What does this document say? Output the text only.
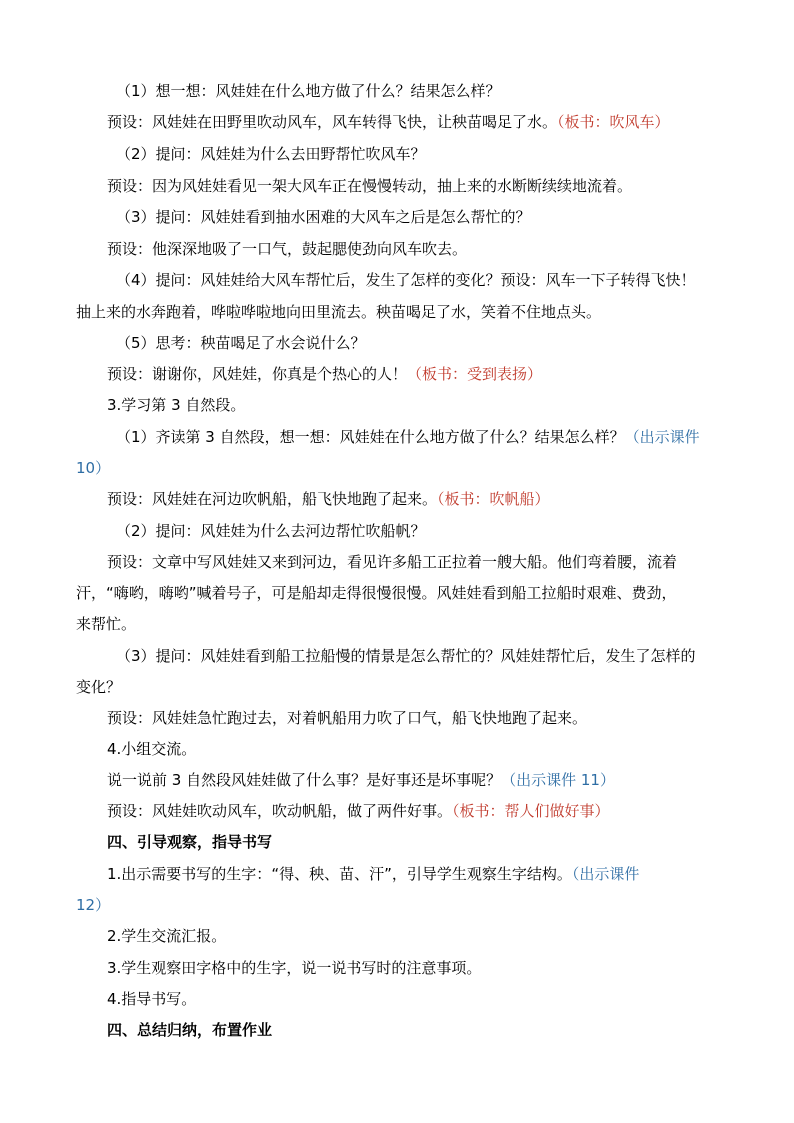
（1）想一想：风娃娃在什么地方做了什么？结果怎么样？
预设：风娃娃在田野里吹动风车，风车转得飞快，让秧苗喝足了水。（板书：吹风车）
（2）提问：风娃娃为什么去田野帮忙吹风车？
预设：因为风娃娃看见一架大风车正在慢慢转动，抽上来的水断断续续地流着。
（3）提问：风娃娃看到抽水困难的大风车之后是怎么帮忙的？
预设：他深深地吸了一口气，鼓起腮使劲向风车吹去。
（4）提问：风娃娃给大风车帮忙后，发生了怎样的变化？预设：风车一下子转得飞快！
抽上来的水奔跑着，哗啦哗啦地向田里流去。秧苗喝足了水，笑着不住地点头。
（5）思考：秧苗喝足了水会说什么？
预设：谢谢你，风娃娃，你真是个热心的人！（板书：受到表扬）
3.学习第 3 自然段。
（1）齐读第 3 自然段，想一想：风娃娃在什么地方做了什么？结果怎么样？（出示课件
10）
预设：风娃娃在河边吹帆船，船飞快地跑了起来。（板书：吹帆船）
（2）提问：风娃娃为什么去河边帮忙吹船帆？
预设：文章中写风娃娃又来到河边，看见许多船工正拉着一艘大船。他们弯着腰，流着
汗，“嗨哟，嗨哟”喊着号子，可是船却走得很慢很慢。风娃娃看到船工拉船时艰难、费劲，
来帮忙。
（3）提问：风娃娃看到船工拉船慢的情景是怎么帮忙的？风娃娃帮忙后，发生了怎样的
变化？
预设：风娃娃急忙跑过去，对着帆船用力吹了口气，船飞快地跑了起来。
4.小组交流。
说一说前 3 自然段风娃娃做了什么事？是好事还是坏事呢？（出示课件 11）
预设：风娃娃吹动风车，吹动帆船，做了两件好事。（板书：帮人们做好事）
四、引导观察，指导书写
1.出示需要书写的生字：“得、秧、苗、汗”，引导学生观察生字结构。（出示课件
12）
2.学生交流汇报。
3.学生观察田字格中的生字，说一说书写时的注意事项。
4.指导书写。
四、总结归纳，布置作业
